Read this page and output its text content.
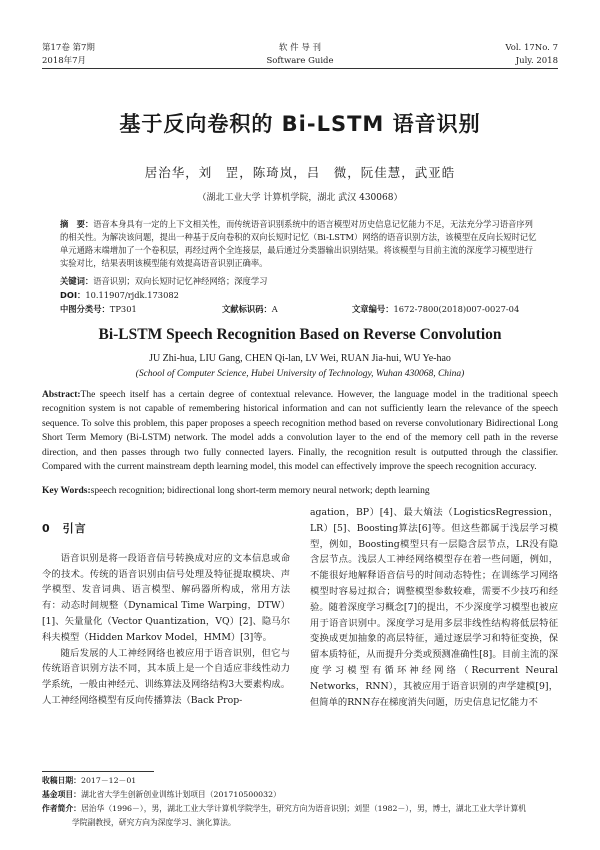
第17卷 第7期
2018年7月
软 件 导 刊
Software Guide
Vol. 17No. 7
July. 2018
基于反向卷积的 Bi-LSTM 语音识别
居治华，刘　罡，陈琦岚，吕　微，阮佳慧，武亚皓
（湖北工业大学 计算机学院，湖北 武汉 430068）
摘　要：语音本身具有一定的上下文相关性，而传统语音识别系统中的语言模型对历史信息记忆能力不足，无法充分学习语音序列的相关性。为解决该问题，提出一种基于反向卷积的双向长短时记忆（Bi-LSTM）网络的语音识别方法，该模型在反向长短时记忆单元通路末端增加了一个卷积层，再经过两个全连接层，最后通过分类器输出识别结果。将该模型与目前主流的深度学习模型进行实验对比，结果表明该模型能有效提高语音识别正确率。
关键词：语音识别；双向长短时记忆神经网络；深度学习
DOI：10.11907/rjdk.173082
中图分类号：TP301	文献标识码：A	文章编号：1672-7800(2018)007-0027-04
Bi-LSTM Speech Recognition Based on Reverse Convolution
JU Zhi-hua, LIU Gang, CHEN Qi-lan, LV Wei, RUAN Jia-hui, WU Ye-hao
(School of Computer Science, Hubei University of Technology, Wuhan 430068, China)
Abstract:The speech itself has a certain degree of contextual relevance. However, the language model in the traditional speech recognition system is not capable of remembering historical information and can not sufficiently learn the relevance of the speech sequence. To solve this problem, this paper proposes a speech recognition method based on reverse convolutionary Bidirectional Long Short Term Memory (Bi-LSTM) network. The model adds a convolution layer to the end of the memory cell path in the reverse direction, and then passes through two fully connected layers. Finally, the recognition result is outputted through the classifier. Compared with the current mainstream depth learning model, this model can effectively improve the speech recognition accuracy.
Key Words:speech recognition; bidirectional long short-term memory neural network; depth learning
0　引言

语音识别是将一段语音信号转换成对应的文本信息或命令的技术。传统的语音识别由信号处理及特征提取模块、声学模型、发音词典、语言模型、解码器所构成，常用方法有：动态时间规整（Dynamical Time Warping，DTW）[1]、矢量量化（Vector Quantization，VQ）[2]、隐马尔科夫模型（Hidden Markov Model，HMM）[3]等。

随后发展的人工神经网络也被应用于语音识别，但它与传统语音识别方法不同，其本质上是一个自适应非线性动力学系统，一般由神经元、训练算法及网络结构3大要素构成。人工神经网络模型有反向传播算法（Back Prop-

agation，BP）[4]、最大熵法（LogisticsRegression，LR）[5]、Boosting算法[6]等。但这些都属于浅层学习模型，例如，Boosting模型只有一层隐含层节点，LR没有隐含层节点。浅层人工神经网络模型存在着一些问题，例如，不能很好地解释语音信号的时间动态特性；在训练学习网络模型时容易过拟合；调整模型参数较难，需要不少技巧和经验。随着深度学习概念[7]的提出，不少深度学习模型也被应用于语音识别中。深度学习是用多层非线性结构将低层特征变换成更加抽象的高层特征，通过逐层学习和特征变换，保留本质特征，从而提升分类或预测准确性[8]。目前主流的深度学习模型有循环神经网络（Recurrent Neural Networks，RNN），其被应用于语音识别的声学建模[9]，但简单的RNN存在梯度消失问题，历史信息记忆能力不

收稿日期：2017－12－01
基金项目：湖北省大学生创新创业训练计划项目（201710500032）
作者简介：居治华（1996－），男，湖北工业大学计算机学院学生，研究方向为语音识别；刘罡（1982－），男，博士，湖北工业大学计算机
学院副教授，研究方向为深度学习、演化算法。
